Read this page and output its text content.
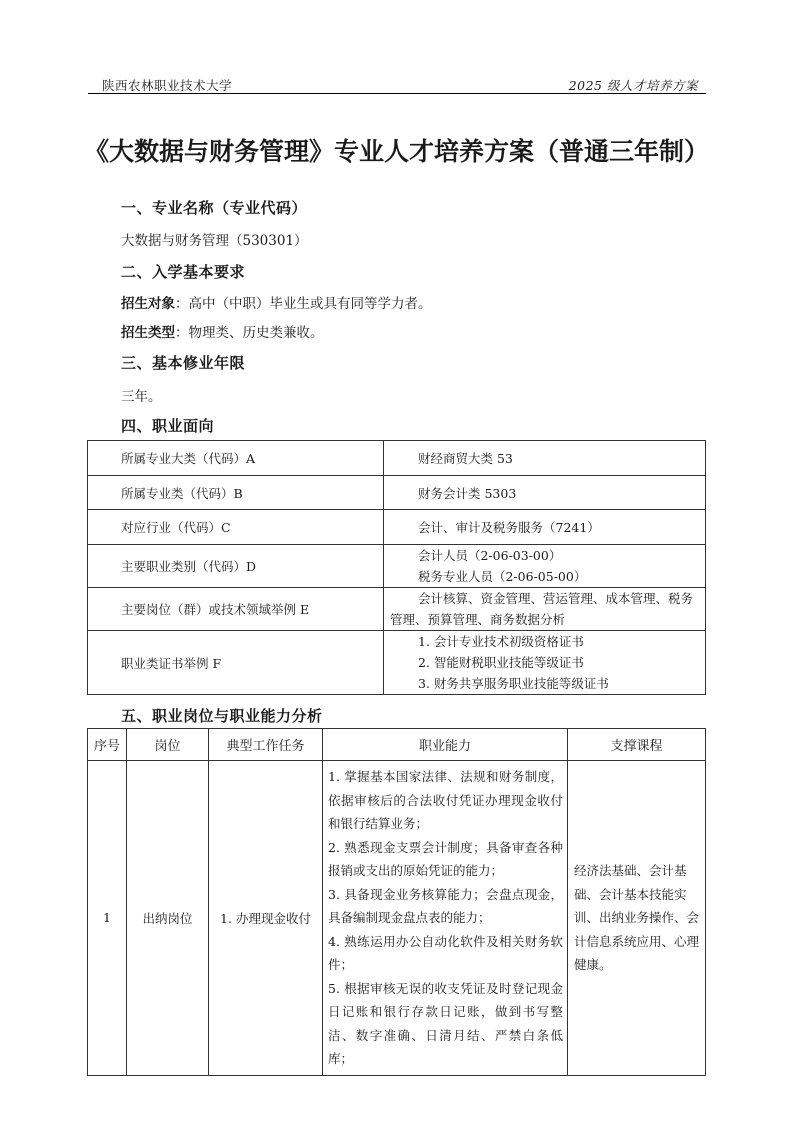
陕西农林职业技术大学	2025 级人才培养方案
《大数据与财务管理》专业人才培养方案（普通三年制）
一、专业名称（专业代码）
大数据与财务管理（530301）
二、入学基本要求
招生对象：高中（中职）毕业生或具有同等学力者。
招生类型：物理类、历史类兼收。
三、基本修业年限
三年。
四、职业面向
所属专业大类（代码）A	财经商贸大类 53
所属专业类（代码）B	财务会计类 5303
对应行业（代码）C	会计、审计及税务服务（7241）
主要职业类别（代码）D	会计人员（2-06-03-00）
税务专业人员（2-06-05-00）

主要岗位（群）或技术领域举例 E	会计核算、资金管理、营运管理、成本管理、税务管理、预算管理、商务数据分析

职业类证书举例 F	1. 会计专业技术初级资格证书
2. 智能财税职业技能等级证书
3. 财务共享服务职业技能等级证书
五、职业岗位与职业能力分析
序号	岗位	典型工作任务	职业能力	支撑课程
1	出纳岗位	1. 办理现金收付	1. 掌握基本国家法律、法规和财务制度，依据审核后的合法收付凭证办理现金收付和银行结算业务；
2. 熟悉现金支票会计制度；具备审查各种报销或支出的原始凭证的能力；
3. 具备现金业务核算能力；会盘点现金，具备编制现金盘点表的能力；
4. 熟练运用办公自动化软件及相关财务软件；
5. 根据审核无误的收支凭证及时登记现金日记账和银行存款日记账，做到书写整洁、数字准确、日清月结、严禁白条低库；	经济法基础、会计基础、会计基本技能实训、出纳业务操作、会计信息系统应用、心理健康。
